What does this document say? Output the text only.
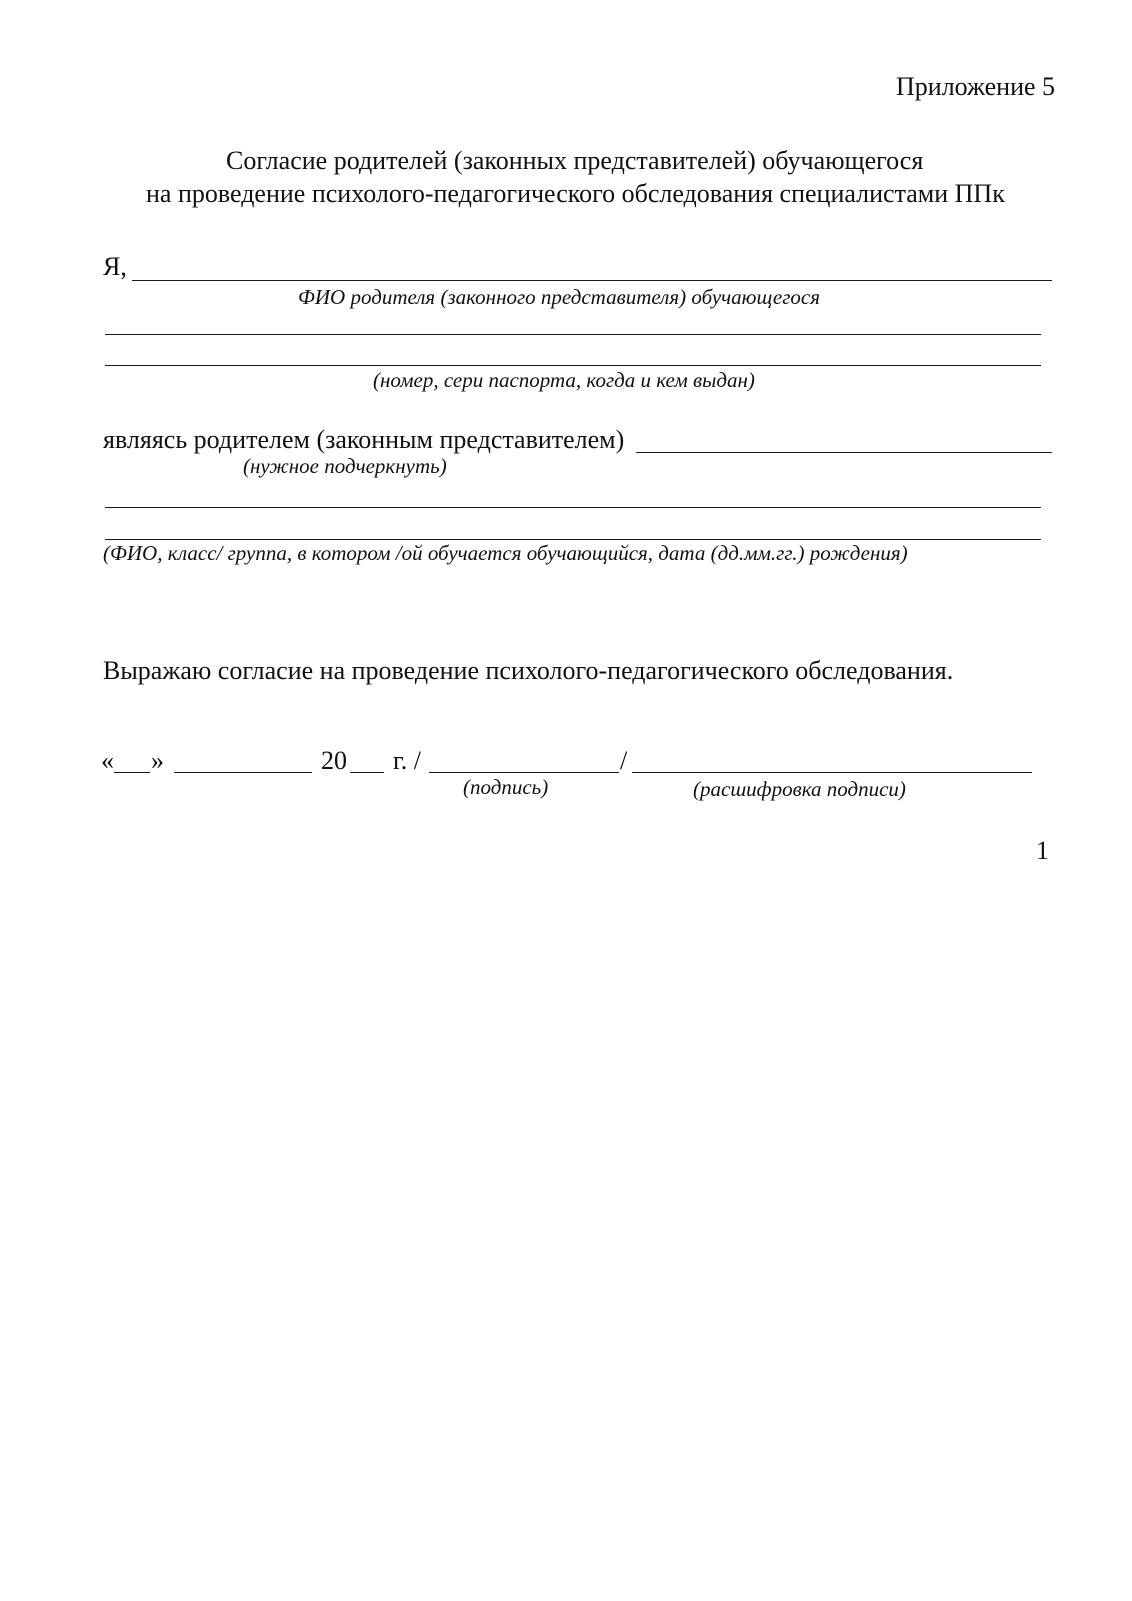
Приложение 5
Согласие родителей (законных представителей) обучающегося
на проведение психолого-педагогического обследования специалистами ППк
Я,
ФИО родителя (законного представителя) обучающегося
(номер, сери паспорта, когда и кем выдан)
являясь родителем (законным представителем)
(нужное подчеркнуть)
(ФИО, класс/ группа, в котором /ой обучается обучающийся, дата (дд.мм.гг.) рождения)
Выражаю согласие на проведение психолого-педагогического обследования.
« »	20 г. /	/
(подпись)	(расшифровка подписи)
1
